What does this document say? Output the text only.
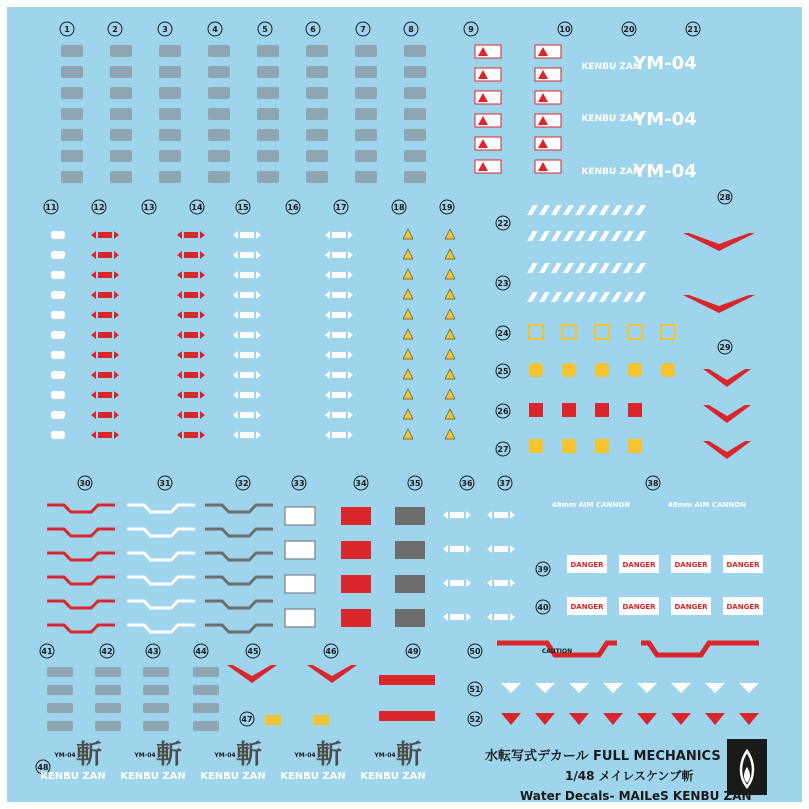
1	2	3	4	5	6	7	8	9	10	20	21
YM-04
YM-04
YM-04
KENBU ZAN
KENBU ZAN
KENBU ZAN
11	12	13	14	15	16	17	18	19
22
23
24
25
26
27
28
29
30	31	32	33	34	35	36	37	38
48mm AIM CANNON	48mm AIM CANNON
39
40
DANGER
DANGER
DANGER
DANGER
DANGER
DANGER
DANGER
DANGER
41	42	43	44	45	46	49	50
51
52
47
48
CAUTION
斬
KENBU ZAN
YM-04	斬
KENBU ZAN
YM-04	斬
KENBU ZAN
YM-04	斬
KENBU ZAN
YM-04	斬
KENBU ZAN
YM-04	水転写式デカール FULL MECHANICS
1/48 メイレスケンブ斬
Water Decals- MAILeS KENBU ZAN
